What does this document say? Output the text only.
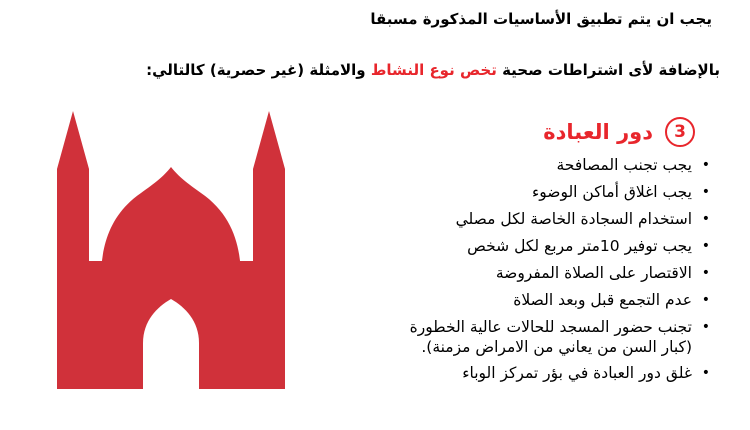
يجب ان يتم تطبيق الأساسيات المذكورة مسبقا
بالإضافة لأى اشتراطات صحية تخص نوع النشاط والامثلة (غير حصرية) كالتالي:
3
دور العبادة
•
يجب تجنب المصافحة
•
يجب اغلاق أماكن الوضوء
•
استخدام السجادة الخاصة لكل مصلي
•
يجب توفير 10متر مربع لكل شخص
•
الاقتصار على الصلاة المفروضة
•
عدم التجمع قبل وبعد الصلاة
•
تجنب حضور المسجد للحالات عالية الخطورة
(كبار السن من يعاني من الامراض مزمنة).
•
غلق دور العبادة في بؤر تمركز الوباء
